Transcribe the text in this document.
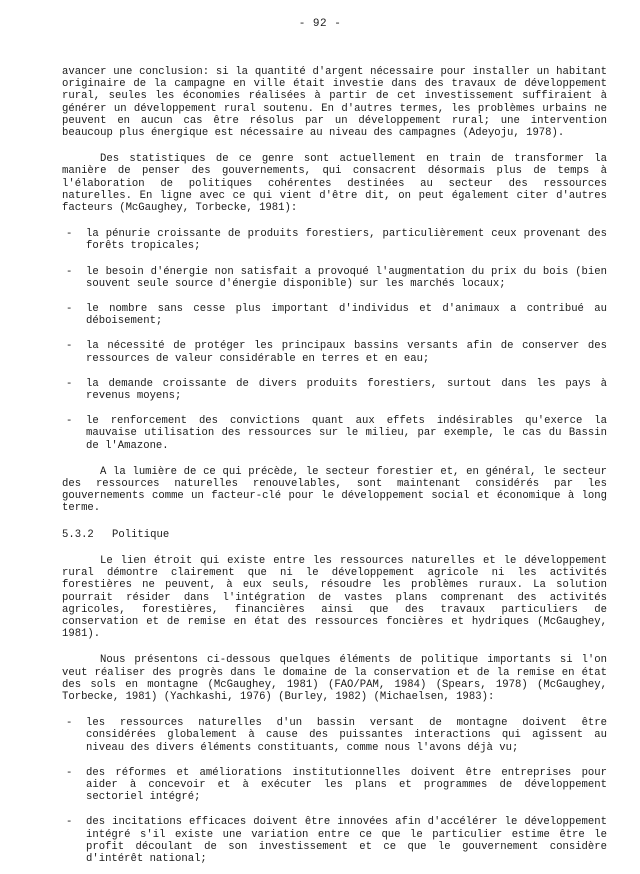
- 92 -

avancer une conclusion: si la quantité d'argent nécessaire pour installer un habitant originaire de la campagne en ville était investie dans des travaux de développement rural, seules les économies réalisées à partir de cet investissement suffiraient à générer un développement rural soutenu. En d'autres termes, les problèmes urbains ne peuvent en aucun cas être résolus par un développement rural; une intervention beaucoup plus énergique est nécessaire au niveau des campagnes (Adeyoju, 1978).

Des statistiques de ce genre sont actuellement en train de transformer la manière de penser des gouvernements, qui consacrent désormais plus de temps à l'élaboration de politiques cohérentes destinées au secteur des ressources naturelles. En ligne avec ce qui vient d'être dit, on peut également citer d'autres facteurs (McGaughey, Torbecke, 1981):

- la pénurie croissante de produits forestiers, particulièrement ceux provenant des forêts tropicales;
- le besoin d'énergie non satisfait a provoqué l'augmentation du prix du bois (bien souvent seule source d'énergie disponible) sur les marchés locaux;
- le nombre sans cesse plus important d'individus et d'animaux a contribué au déboisement;
- la nécessité de protéger les principaux bassins versants afin de conserver des ressources de valeur considérable en terres et en eau;
- la demande croissante de divers produits forestiers, surtout dans les pays à revenus moyens;
- le renforcement des convictions quant aux effets indésirables qu'exerce la mauvaise utilisation des ressources sur le milieu, par exemple, le cas du Bassin de l'Amazone.

A la lumière de ce qui précède, le secteur forestier et, en général, le secteur des ressources naturelles renouvelables, sont maintenant considérés par les gouvernements comme un facteur-clé pour le développement social et économique à long terme.

5.3.2 Politique

Le lien étroit qui existe entre les ressources naturelles et le développement rural démontre clairement que ni le développement agricole ni les activités forestières ne peuvent, à eux seuls, résoudre les problèmes ruraux. La solution pourrait résider dans l'intégration de vastes plans comprenant des activités agricoles, forestières, financières ainsi que des travaux particuliers de conservation et de remise en état des ressources foncières et hydriques (McGaughey, 1981).

Nous présentons ci-dessous quelques éléments de politique importants si l'on veut réaliser des progrès dans le domaine de la conservation et de la remise en état des sols en montagne (McGaughey, 1981) (FAO/PAM, 1984) (Spears, 1978) (McGaughey, Torbecke, 1981) (Yachkashi, 1976) (Burley, 1982) (Michaelsen, 1983):

- les ressources naturelles d'un bassin versant de montagne doivent être considérées globalement à cause des puissantes interactions qui agissent au niveau des divers éléments constituants, comme nous l'avons déjà vu;
- des réformes et améliorations institutionnelles doivent être entreprises pour aider à concevoir et à exécuter les plans et programmes de développement sectoriel intégré;
- des incitations efficaces doivent être innovées afin d'accélérer le développement intégré s'il existe une variation entre ce que le particulier estime être le profit découlant de son investissement et ce que le gouvernement considère d'intérêt national;
